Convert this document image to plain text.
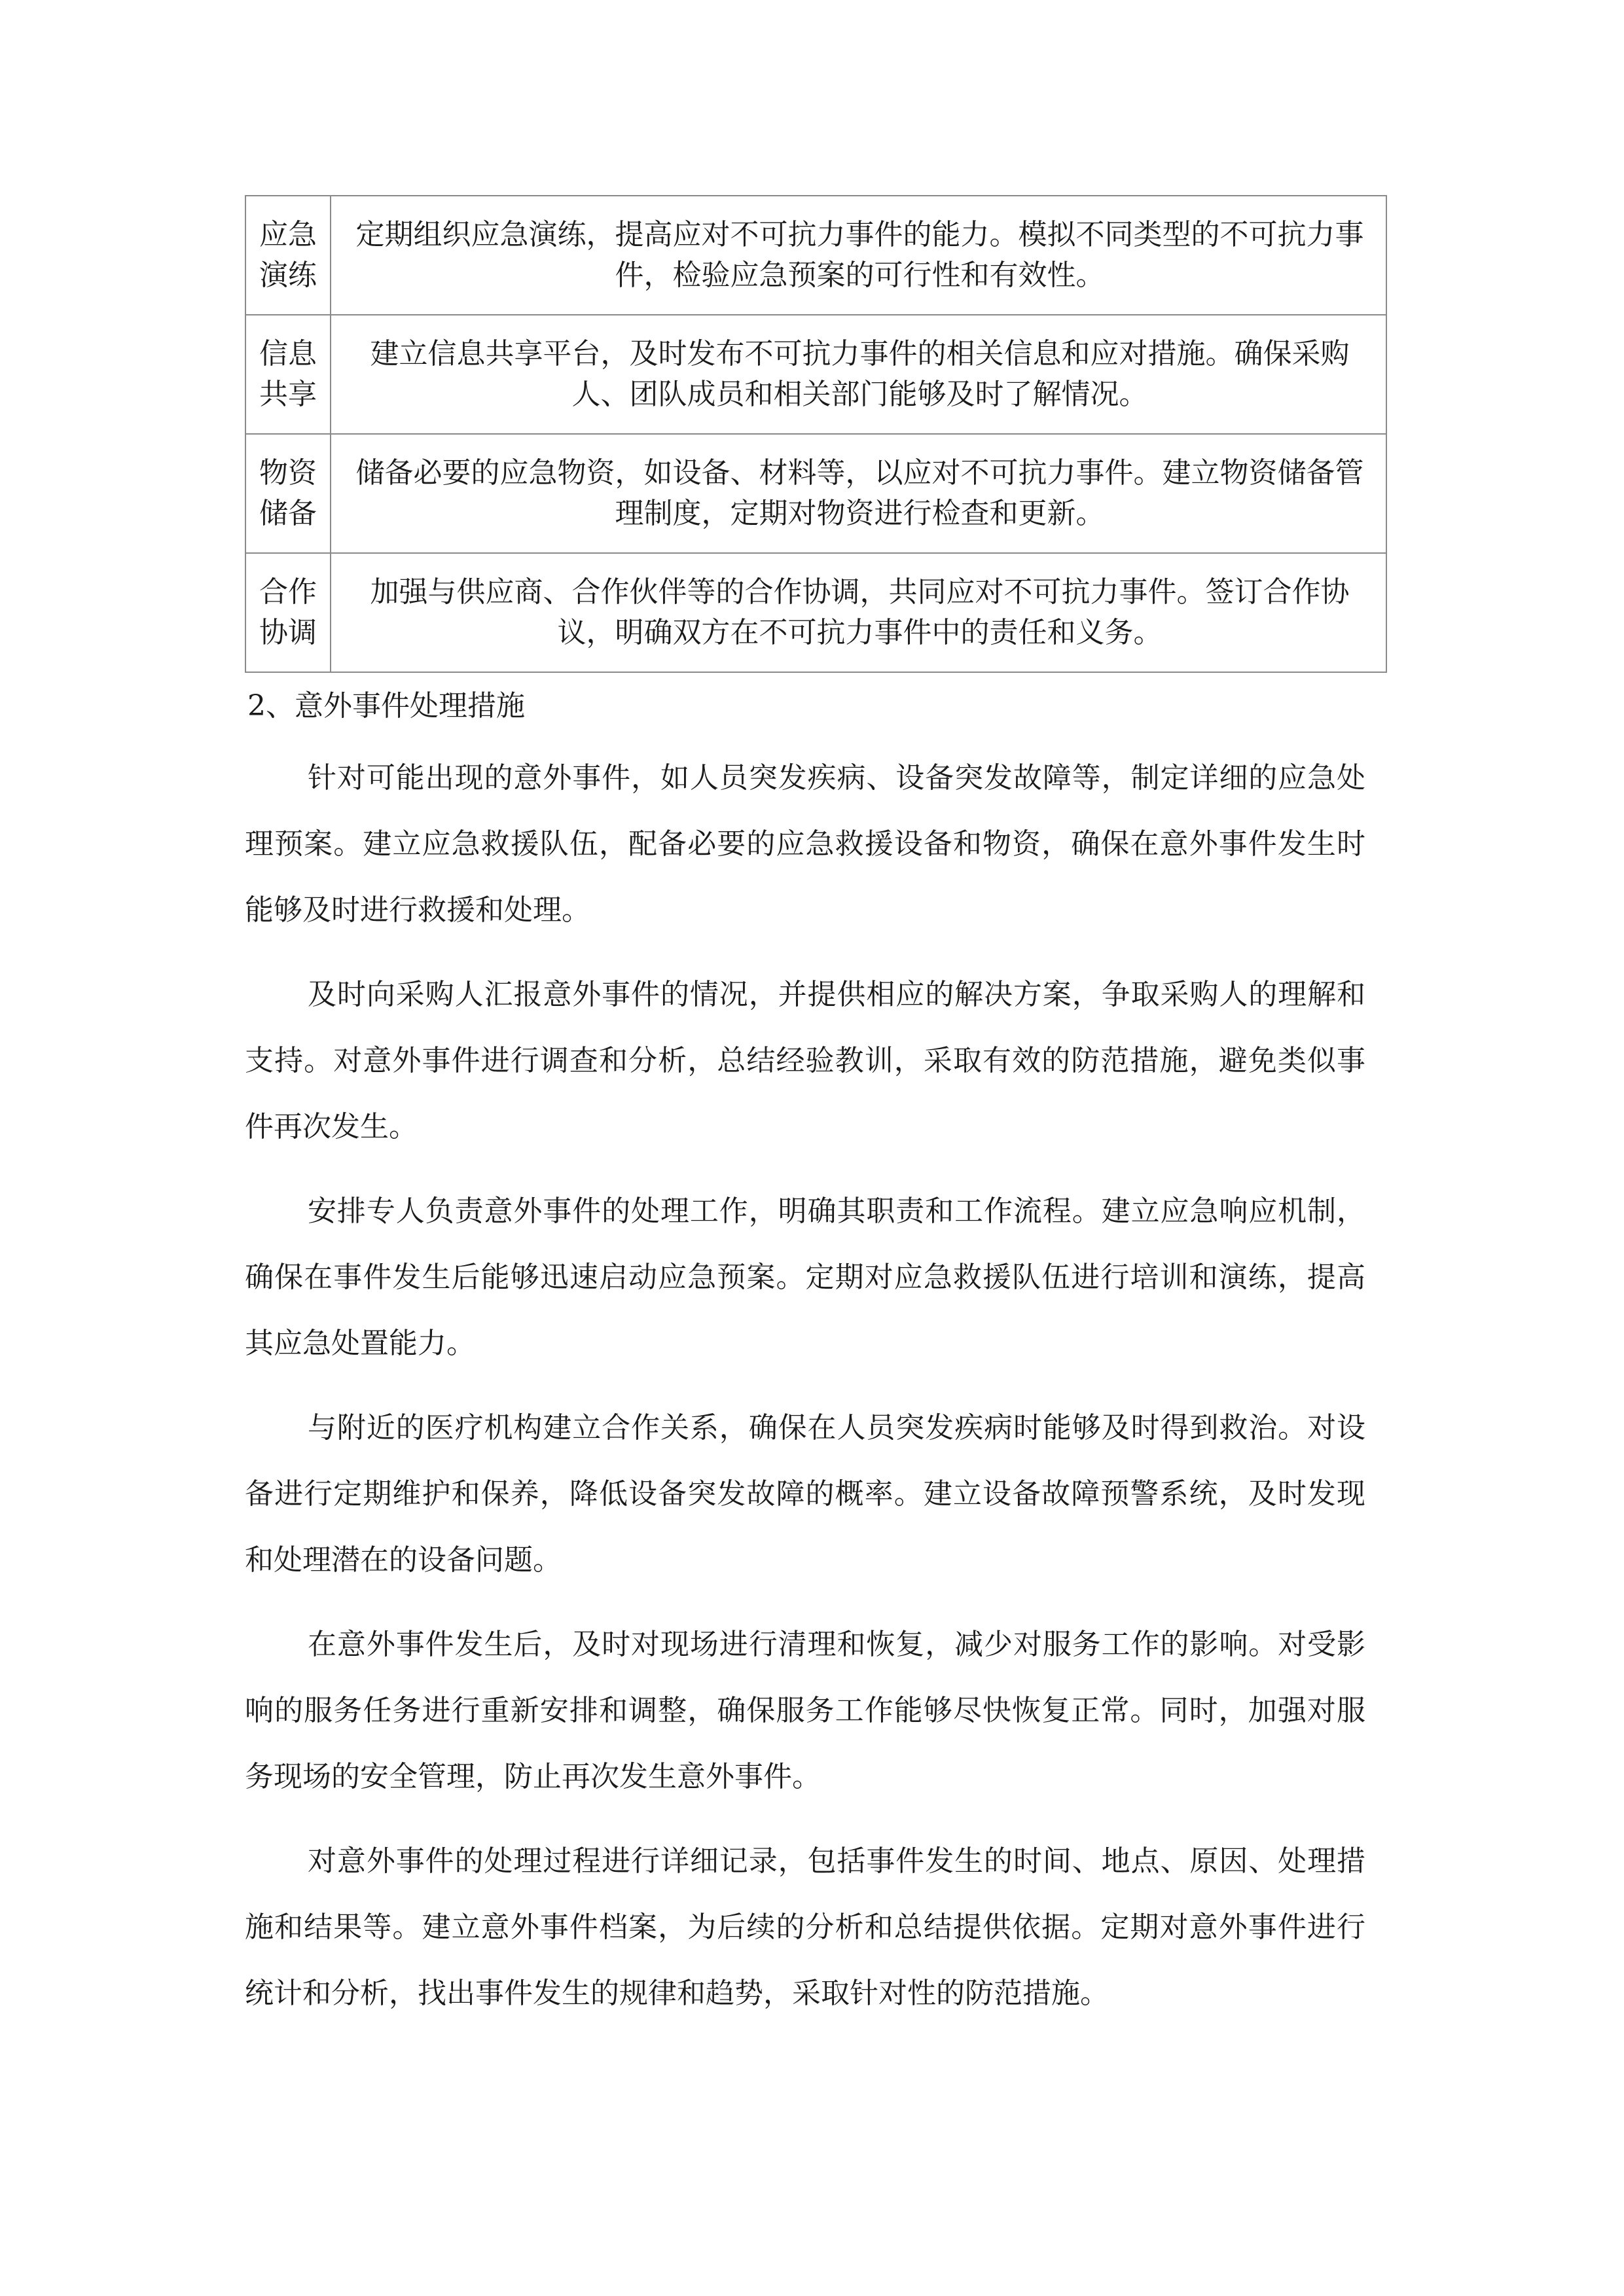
应急演练	定期组织应急演练，提高应对不可抗力事件的能力。模拟不同类型的不可抗力事件，检验应急预案的可行性和有效性。
信息共享	建立信息共享平台，及时发布不可抗力事件的相关信息和应对措施。确保采购人、团队成员和相关部门能够及时了解情况。
物资储备	储备必要的应急物资，如设备、材料等，以应对不可抗力事件。建立物资储备管理制度，定期对物资进行检查和更新。
合作协调	加强与供应商、合作伙伴等的合作协调，共同应对不可抗力事件。签订合作协议，明确双方在不可抗力事件中的责任和义务。
2、意外事件处理措施

针对可能出现的意外事件，如人员突发疾病、设备突发故障等，制定详细的应急处理预案。建立应急救援队伍，配备必要的应急救援设备和物资，确保在意外事件发生时能够及时进行救援和处理。

及时向采购人汇报意外事件的情况，并提供相应的解决方案，争取采购人的理解和支持。对意外事件进行调查和分析，总结经验教训，采取有效的防范措施，避免类似事件再次发生。

安排专人负责意外事件的处理工作，明确其职责和工作流程。建立应急响应机制，确保在事件发生后能够迅速启动应急预案。定期对应急救援队伍进行培训和演练，提高其应急处置能力。

与附近的医疗机构建立合作关系，确保在人员突发疾病时能够及时得到救治。对设备进行定期维护和保养，降低设备突发故障的概率。建立设备故障预警系统，及时发现和处理潜在的设备问题。

在意外事件发生后，及时对现场进行清理和恢复，减少对服务工作的影响。对受影响的服务任务进行重新安排和调整，确保服务工作能够尽快恢复正常。同时，加强对服务现场的安全管理，防止再次发生意外事件。

对意外事件的处理过程进行详细记录，包括事件发生的时间、地点、原因、处理措施和结果等。建立意外事件档案，为后续的分析和总结提供依据。定期对意外事件进行统计和分析，找出事件发生的规律和趋势，采取针对性的防范措施。
